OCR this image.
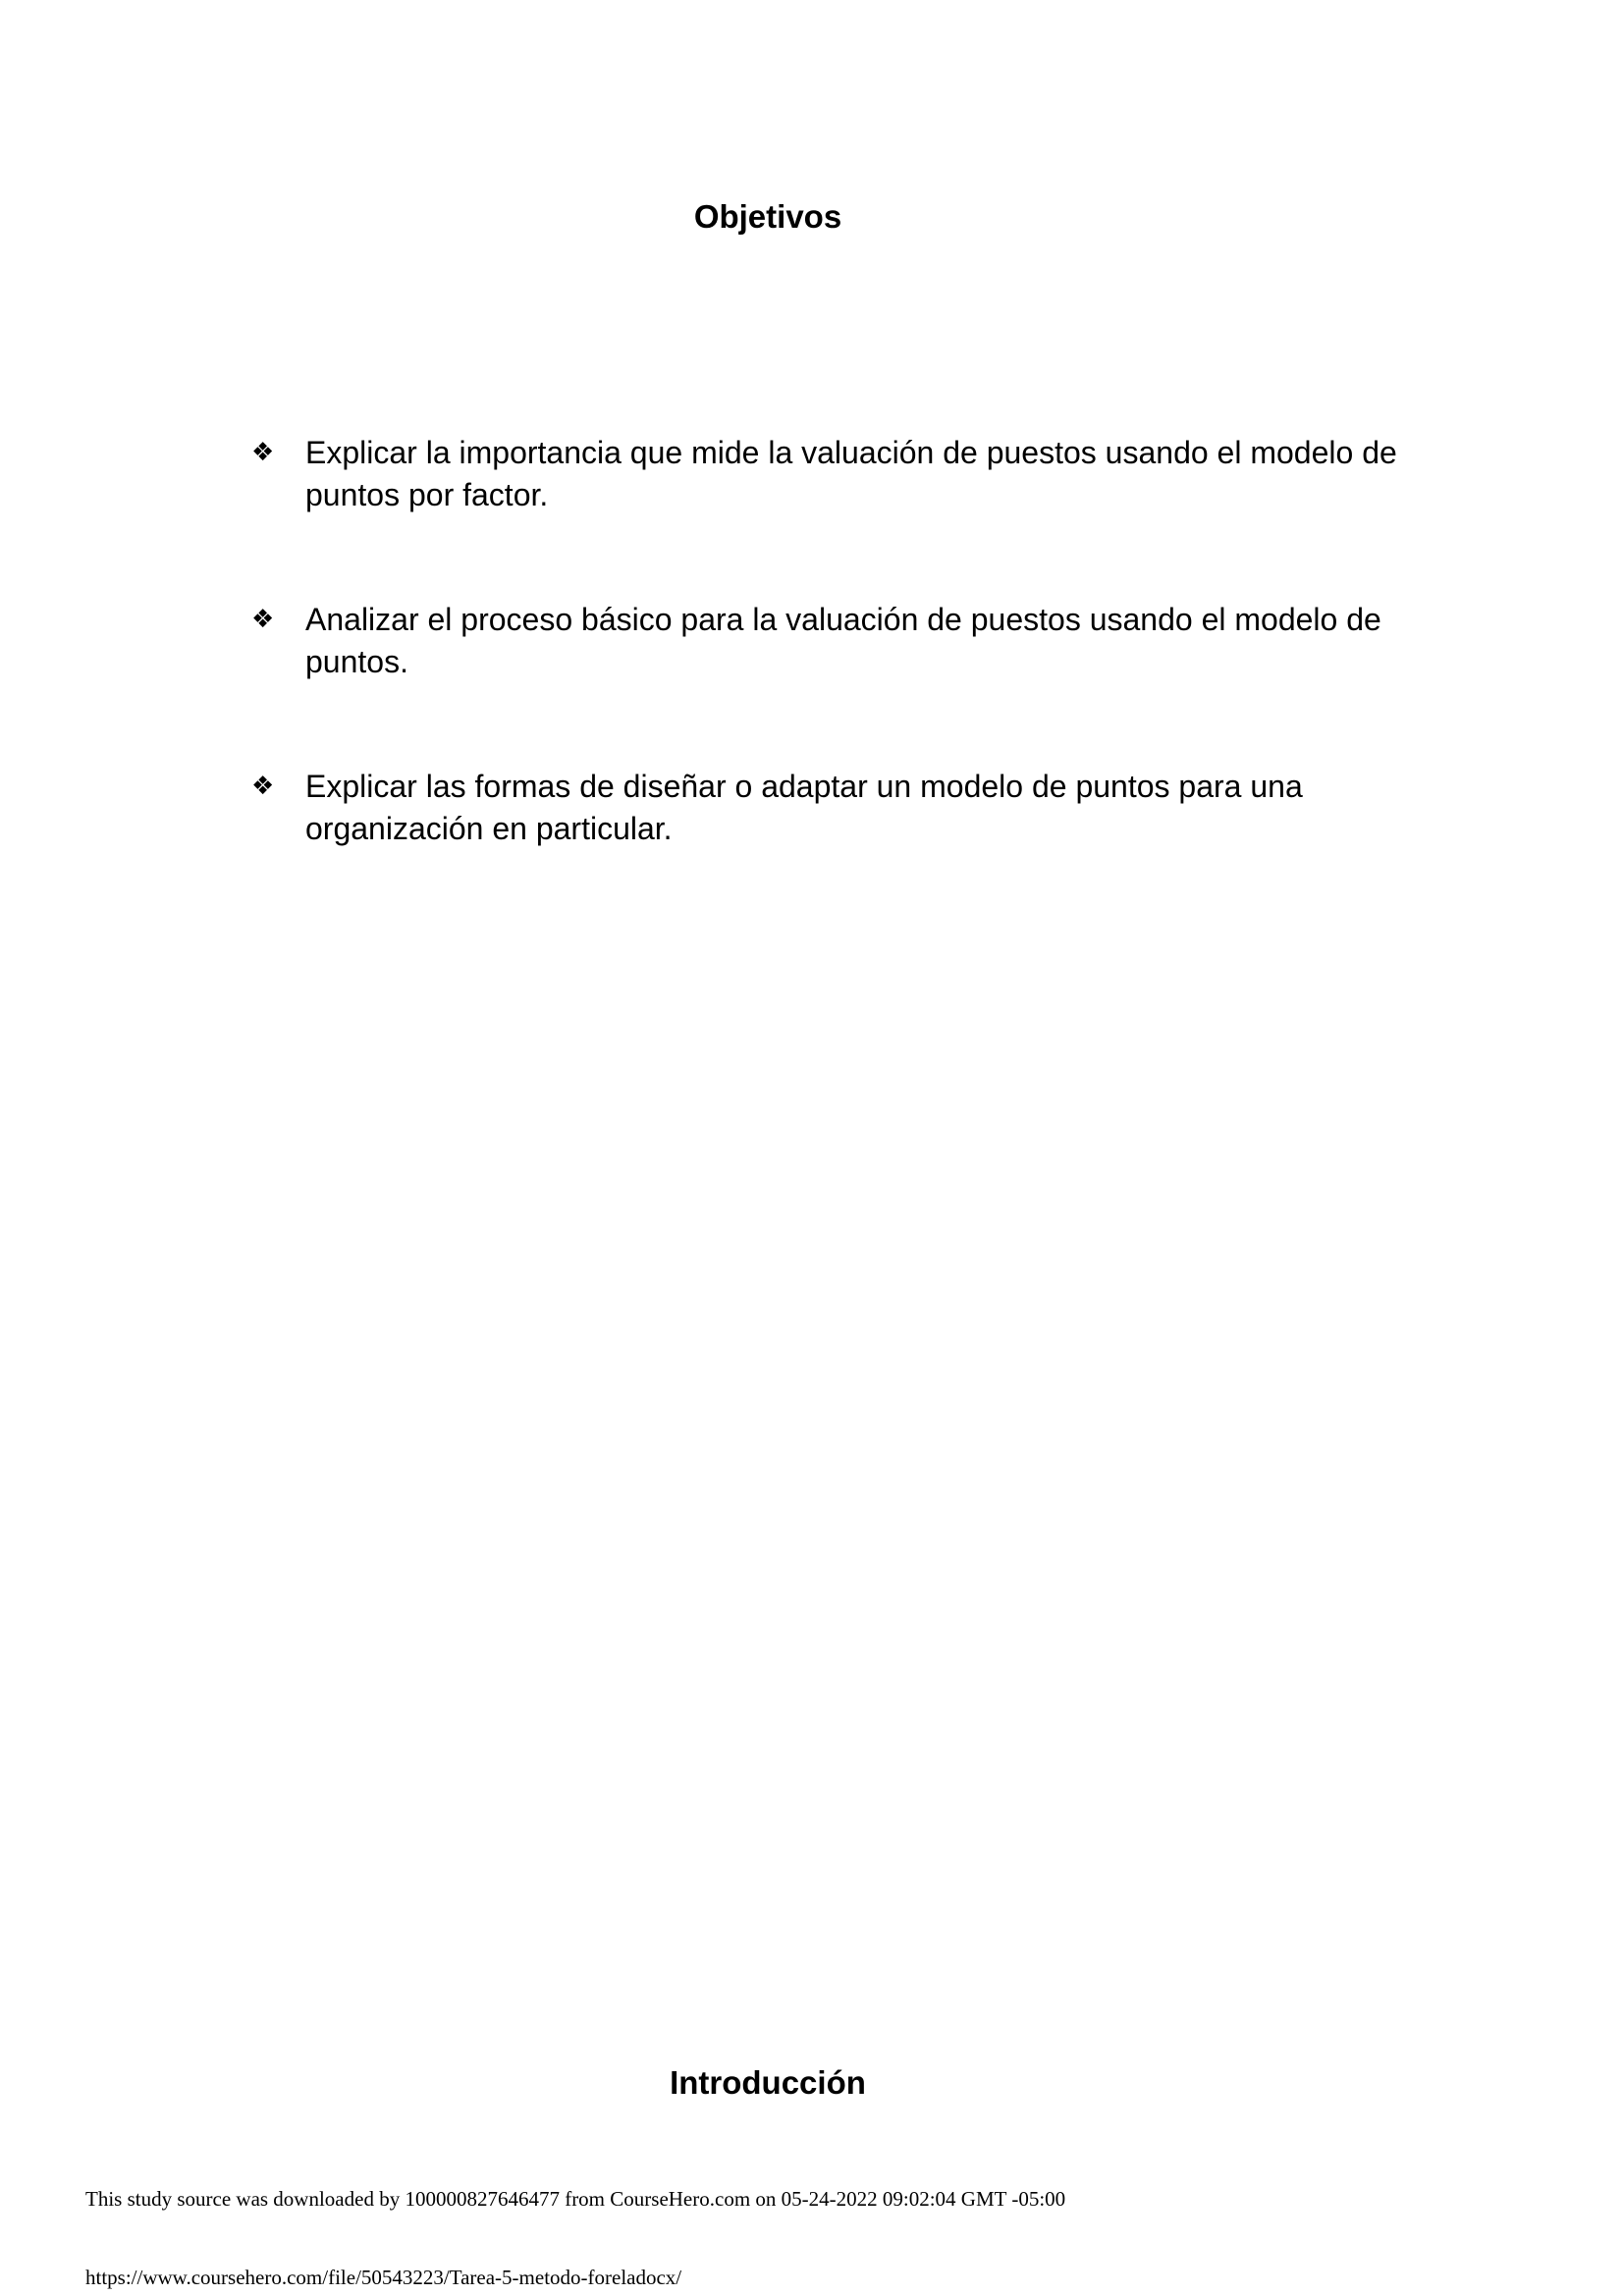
Objetivos
❖ Explicar la importancia que mide la valuación de puestos usando el modelo de puntos por factor.
❖ Analizar el proceso básico para la valuación de puestos usando el modelo de puntos.
❖ Explicar las formas de diseñar o adaptar un modelo de puntos para una organización en particular.
Introducción
This study source was downloaded by 100000827646477 from CourseHero.com on 05-24-2022 09:02:04 GMT -05:00
https://www.coursehero.com/file/50543223/Tarea-5-metodo-foreladocx/
